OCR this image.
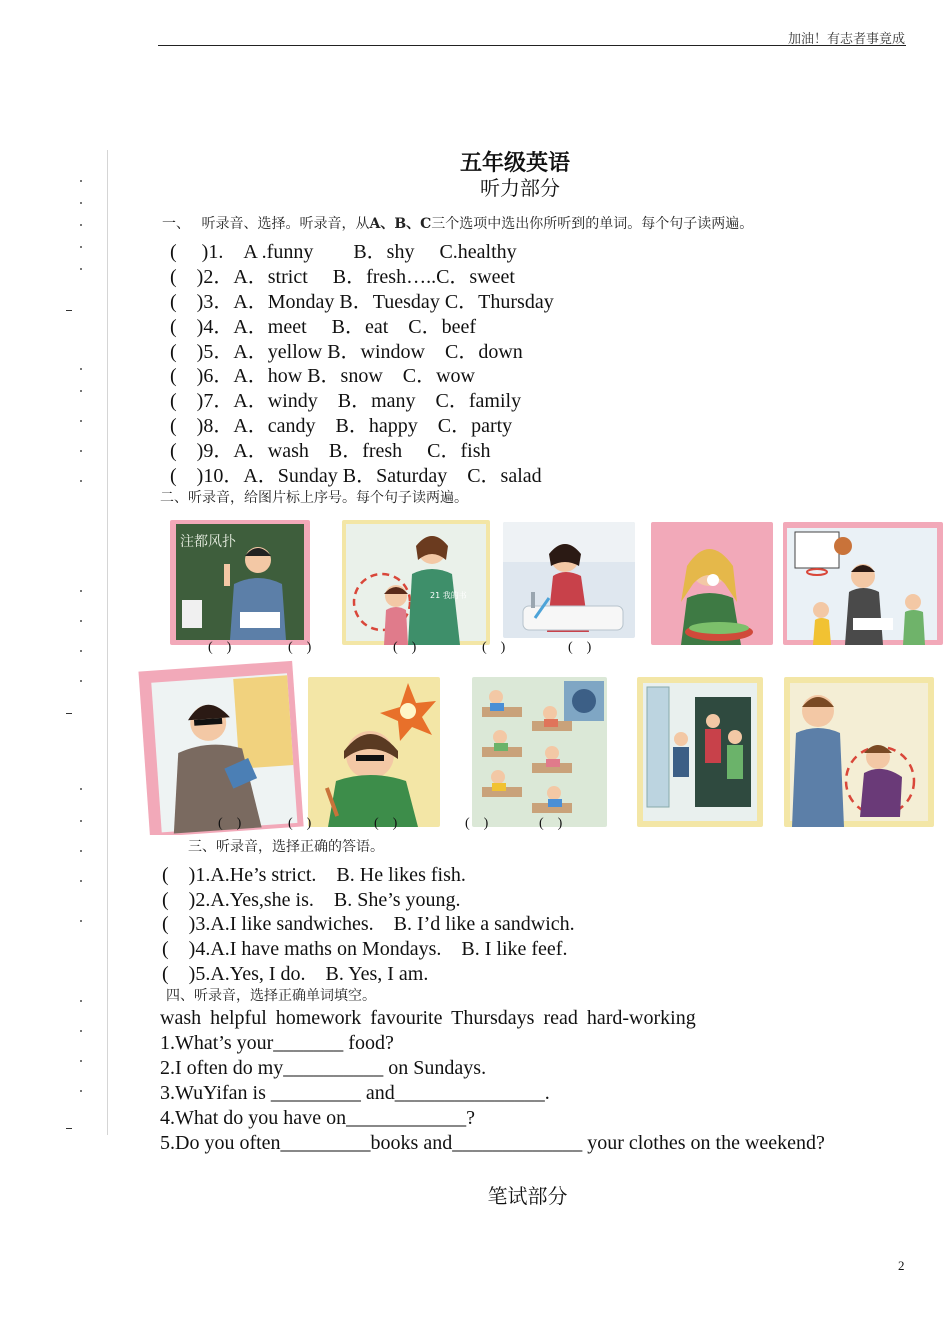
加油！有志者事竟成
五年级英语
听力部分
一、　 听录音、选择。听录音，从A、B、C三个选项中选出你所听到的单词。每个句子读两遍。
(　 )1.　A .funny　　B．shy　 C.healthy
(　)2．A．strict　 B．fresh…..C．sweet
(　)3．A．Monday B．Tuesday C．Thursday
(　)4．A．meet　 B．eat　C．beef
(　)5．A．yellow B．window　C．down
(　)6．A．how B．snow　C．wow
(　)7．A．windy　B．many　C．family
(　)8．A．candy　B．happy　C．party
(　)9．A．wash　B．fresh　 C．fish
(　)10．A．Sunday B．Saturday　C．salad
二、听录音，给图片标上序号。每个句子读两遍。
注都风扑
21 我的书
(　)	(　)	(　)	(　)	(　)
(　)	(　)	(　)	(　)	(　)
三、听录音，选择正确的答语。
(　)1.A.He’s strict.　B. He likes fish.
(　)2.A.Yes,she is.　B. She’s young.
(　)3.A.I like sandwiches.　B. I’d like a sandwich.
(　)4.A.I have maths on Mondays.　B. I like feef.
(　)5.A.Yes, I do.　B. Yes, I am.
四、听录音，选择正确单词填空。
wash helpful homework favourite Thursdays read hard-working
1.What’s your_______ food?
2.I often do my__________ on Sundays.
3.WuYifan is _________ and_______________.
4.What do you have on____________?
5.Do you often_________books and_____________ your clothes on the weekend?
笔试部分
2
